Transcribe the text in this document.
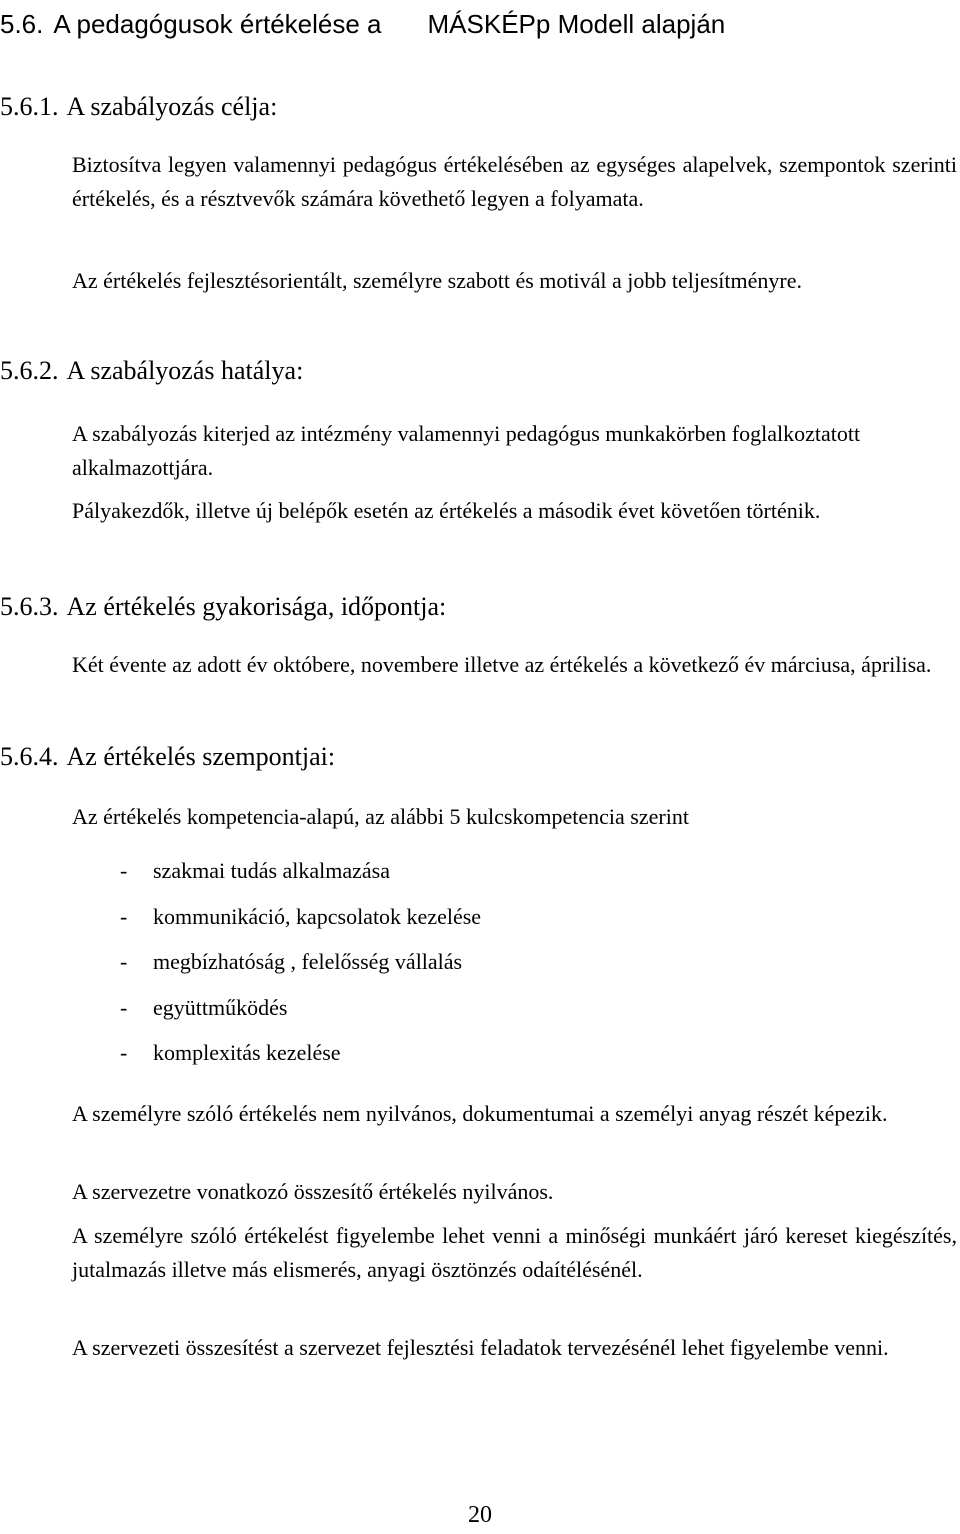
5.6. A pedagógusok értékelése a MÁSKÉPp Modell alapján
5.6.1. A szabályozás célja:
Biztosítva legyen valamennyi pedagógus értékelésében az egységes alapelvek, szempontok szerinti értékelés, és a résztvevők számára követhető legyen a folyamata.
Az értékelés fejlesztésorientált, személyre szabott és motivál a jobb teljesítményre.
5.6.2. A szabályozás hatálya:
A szabályozás kiterjed az intézmény valamennyi pedagógus munkakörben foglalkoztatott alkalmazottjára.
Pályakezdők, illetve új belépők esetén az értékelés a második évet követően történik.
5.6.3. Az értékelés gyakorisága, időpontja:
Két évente az adott év októbere, novembere illetve az értékelés a következő év márciusa, áprilisa.
5.6.4. Az értékelés szempontjai:
Az értékelés kompetencia-alapú, az alábbi 5 kulcskompetencia szerint
- szakmai tudás alkalmazása
- kommunikáció, kapcsolatok kezelése
- megbízhatóság , felelősség vállalás
- együttműködés
- komplexitás kezelése
A személyre szóló értékelés nem nyilvános, dokumentumai a személyi anyag részét képezik.
A szervezetre vonatkozó összesítő értékelés nyilvános.
A személyre szóló értékelést figyelembe lehet venni a minőségi munkáért járó kereset kiegészítés, jutalmazás illetve más elismerés, anyagi ösztönzés odaítélésénél.
A szervezeti összesítést a szervezet fejlesztési feladatok tervezésénél lehet figyelembe venni.
20
